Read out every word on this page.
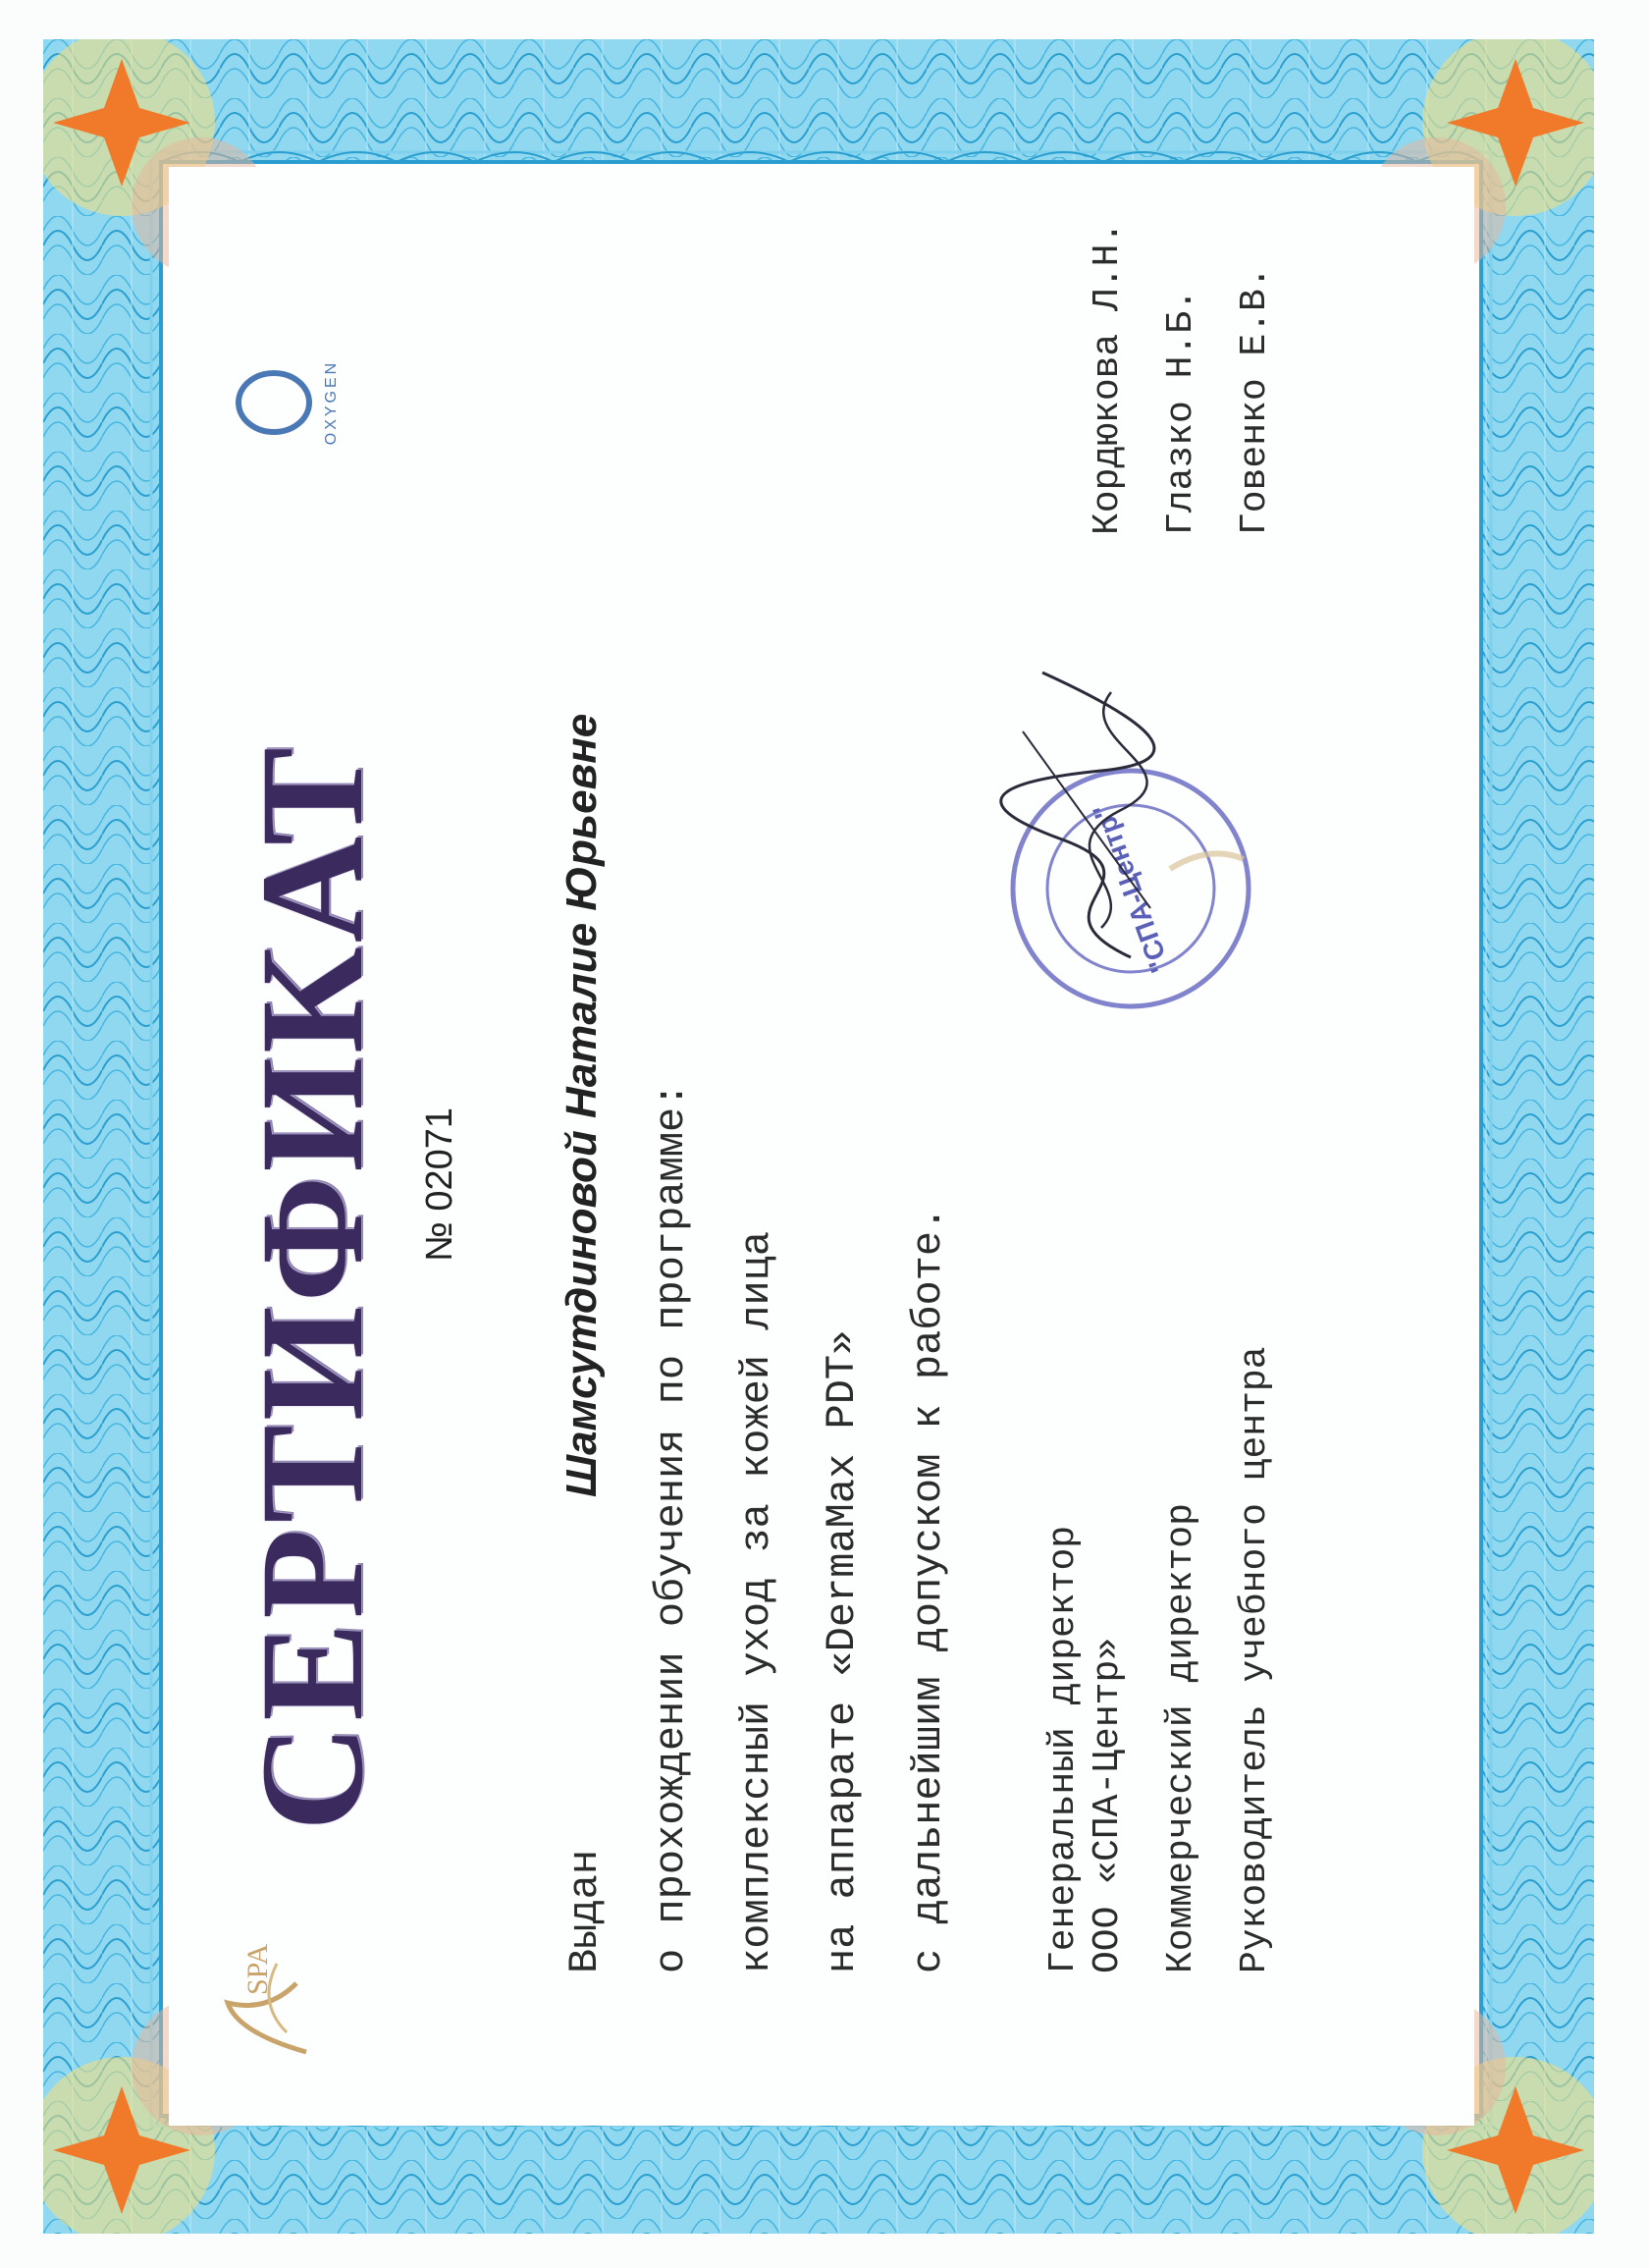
SPA
СЕРТИФИКАТ
OXYGEN
№ 02071
Выдан
Шамсутдиновой Наталие Юрьевне о прохождении обучения по программе: комплексный уход за кожей лица на аппарате «DermaMax PDT» с дальнейшим допуском к работе. Генеральный директор ООО «СПА-Центр»
Кордюкова Л.Н.
Коммерческий директор
Глазко Н.Б.
Руководитель учебного центра
Говенко Е.В.
"СПА-Центр"
